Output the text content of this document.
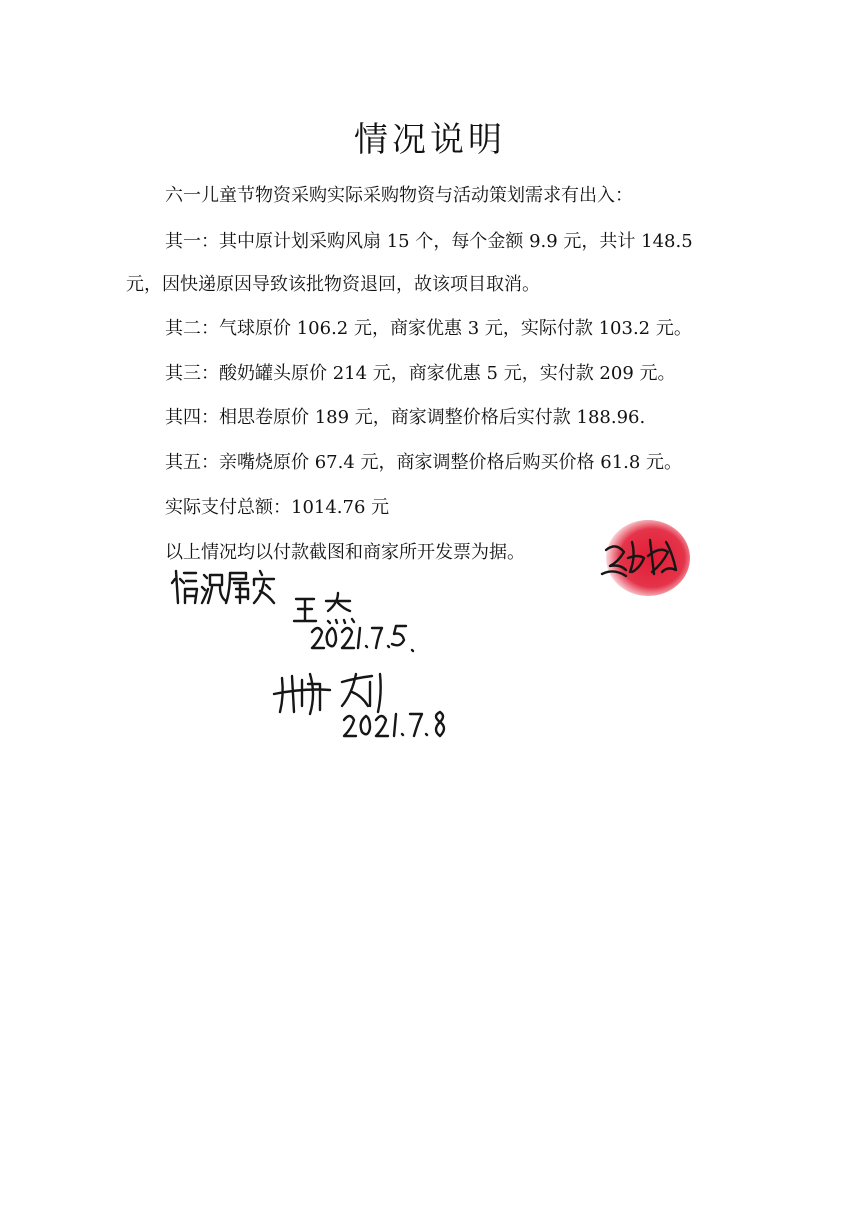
情况说明
六一儿童节物资采购实际采购物资与活动策划需求有出入：
其一：其中原计划采购风扇 15 个，每个金额 9.9 元，共计 148.5
元，因快递原因导致该批物资退回，故该项目取消。
其二：气球原价 106.2 元，商家优惠 3 元，实际付款 103.2 元。
其三：酸奶罐头原价 214 元，商家优惠 5 元，实付款 209 元。
其四：相思卷原价 189 元，商家调整价格后实付款 188.96.
其五：亲嘴烧原价 67.4 元，商家调整价格后购买价格 61.8 元。
实际支付总额：1014.76 元
以上情况均以付款截图和商家所开发票为据。
